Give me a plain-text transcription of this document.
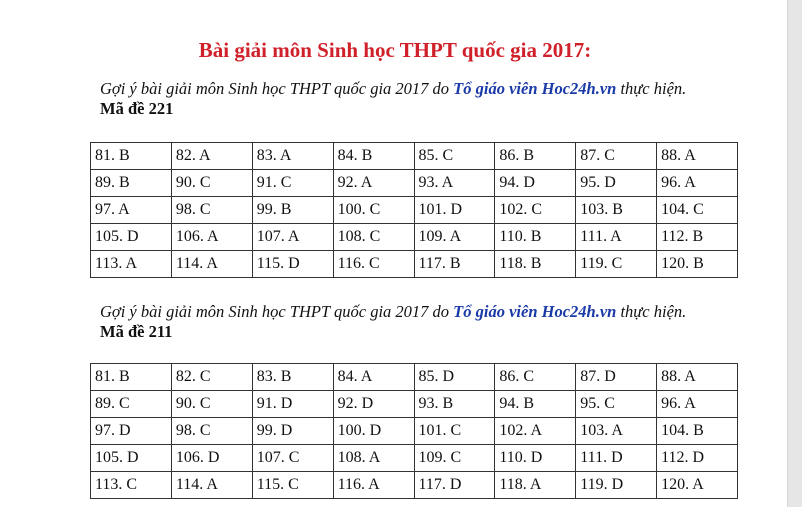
Bài giải môn Sinh học THPT quốc gia 2017:

Gợi ý bài giải môn Sinh học THPT quốc gia 2017 do Tổ giáo viên Hoc24h.vn thực hiện. Mã đề 221

81. B	82. A	83. A	84. B	85. C	86. B	87. C	88. A
89. B	90. C	91. C	92. A	93. A	94. D	95. D	96. A
97. A	98. C	99. B	100. C	101. D	102. C	103. B	104. C
105. D	106. A	107. A	108. C	109. A	110. B	111. A	112. B
113. A	114. A	115. D	116. C	117. B	118. B	119. C	120. B

Gợi ý bài giải môn Sinh học THPT quốc gia 2017 do Tổ giáo viên Hoc24h.vn thực hiện. Mã đề 211

81. B	82. C	83. B	84. A	85. D	86. C	87. D	88. A
89. C	90. C	91. D	92. D	93. B	94. B	95. C	96. A
97. D	98. C	99. D	100. D	101. C	102. A	103. A	104. B
105. D	106. D	107. C	108. A	109. C	110. D	111. D	112. D
113. C	114. A	115. C	116. A	117. D	118. A	119. D	120. A
